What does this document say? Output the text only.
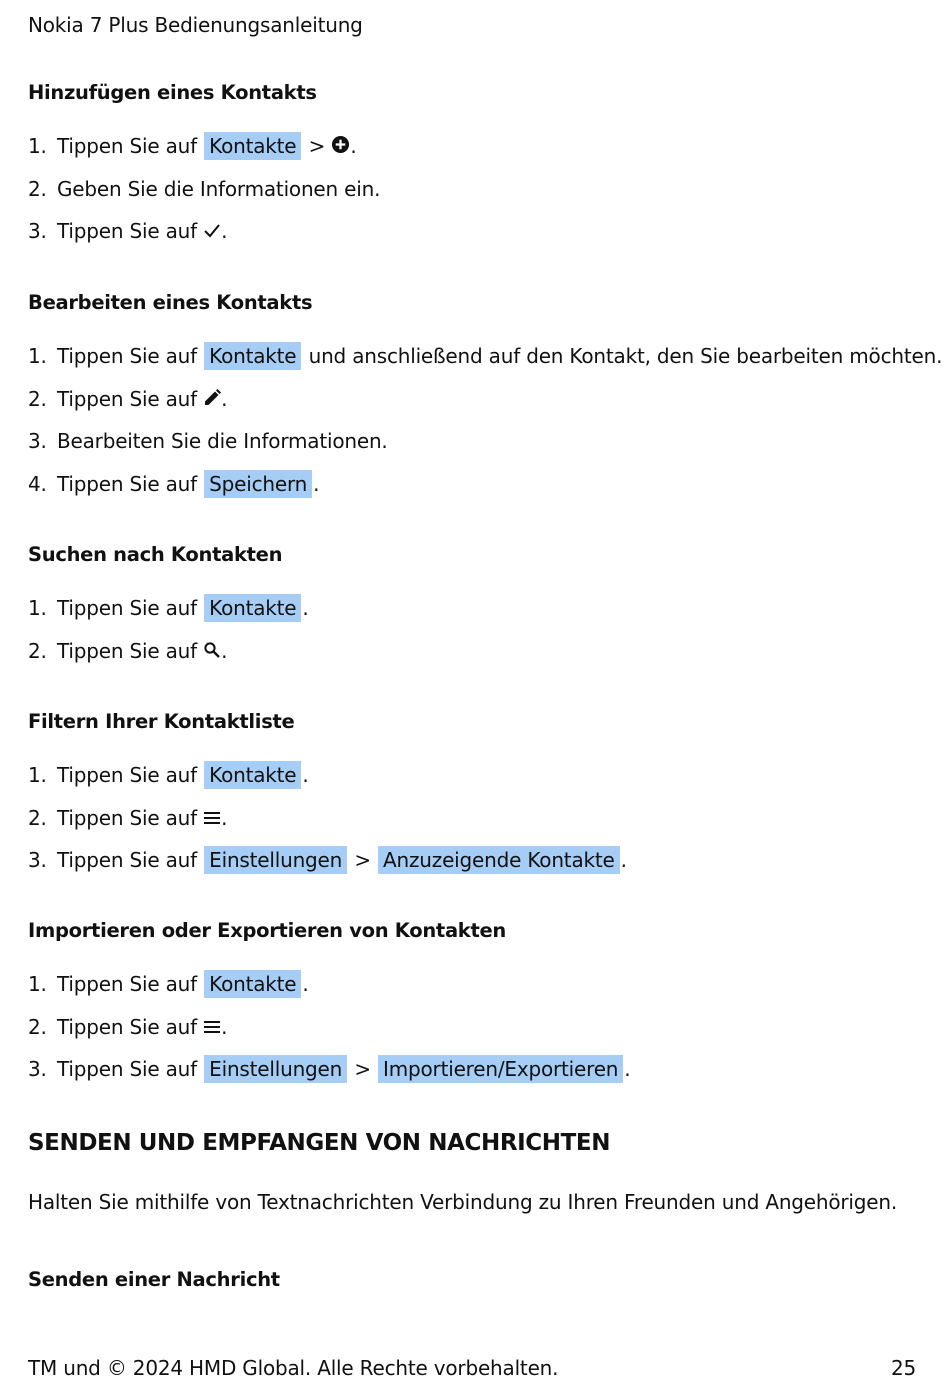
Nokia 7 Plus Bedienungsanleitung
Hinzufügen eines Kontakts
1. Tippen Sie auf Kontakte > .
2. Geben Sie die Informationen ein.
3. Tippen Sie auf .
Bearbeiten eines Kontakts
1. Tippen Sie auf Kontakte und anschließend auf den Kontakt, den Sie bearbeiten möchten.
2. Tippen Sie auf .
3. Bearbeiten Sie die Informationen.
4. Tippen Sie auf Speichern .
Suchen nach Kontakten
1. Tippen Sie auf Kontakte .
2. Tippen Sie auf .
Filtern Ihrer Kontaktliste
1. Tippen Sie auf Kontakte .
2. Tippen Sie auf .
3. Tippen Sie auf Einstellungen > Anzuzeigende Kontakte .
Importieren oder Exportieren von Kontakten
1. Tippen Sie auf Kontakte .
2. Tippen Sie auf .
3. Tippen Sie auf Einstellungen > Importieren/Exportieren .
SENDEN UND EMPFANGEN VON NACHRICHTEN
Halten Sie mithilfe von Textnachrichten Verbindung zu Ihren Freunden und Angehörigen.
Senden einer Nachricht
TM und © 2024 HMD Global. Alle Rechte vorbehalten.	25
